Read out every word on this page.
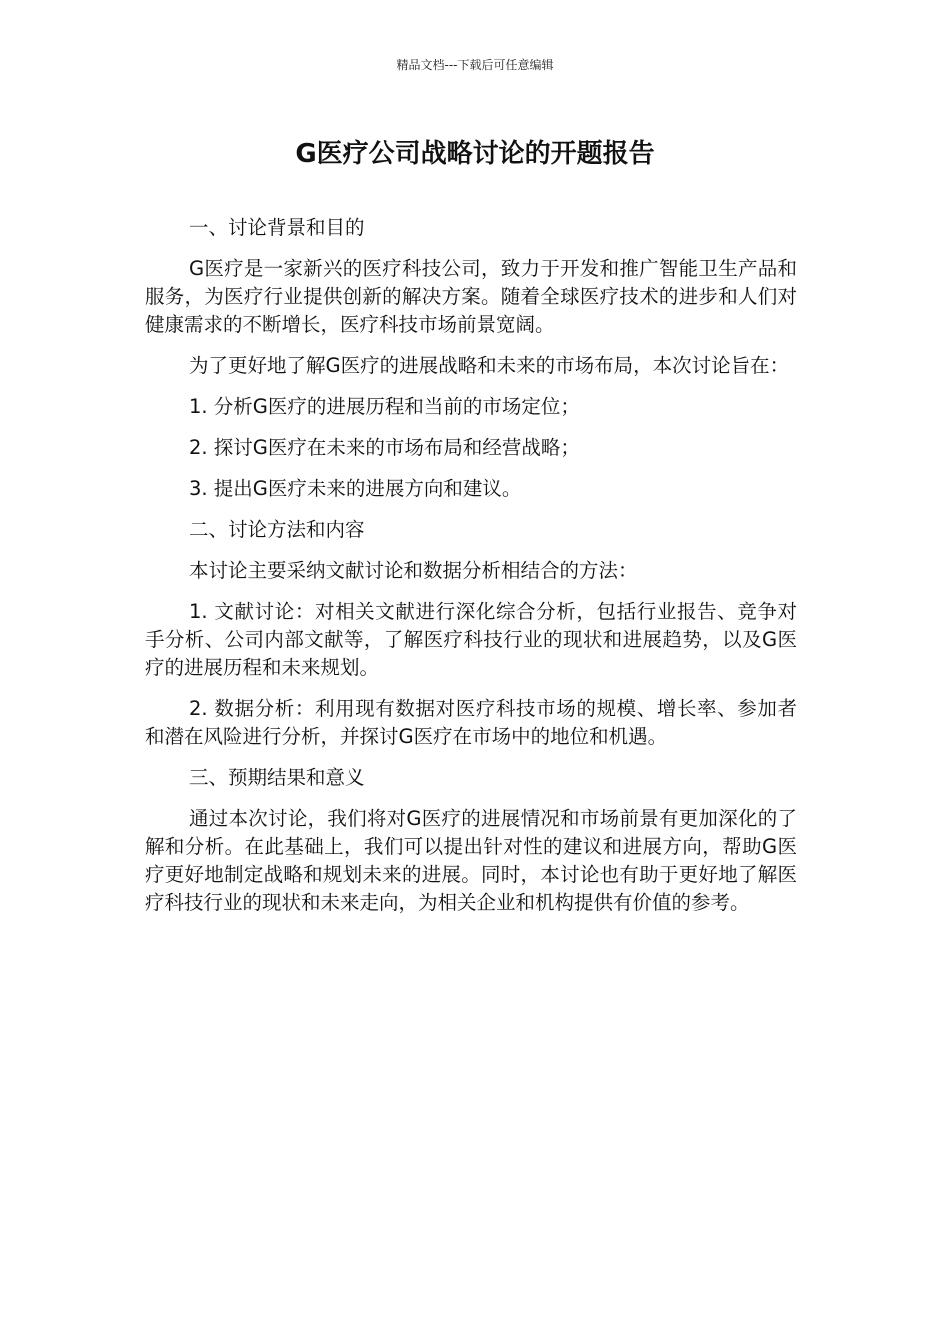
精品文档---下载后可任意编辑
G医疗公司战略讨论的开题报告

一、讨论背景和目的

G医疗是一家新兴的医疗科技公司，致力于开发和推广智能卫生产品和服务，为医疗行业提供创新的解决方案。随着全球医疗技术的进步和人们对健康需求的不断增长，医疗科技市场前景宽阔。

为了更好地了解G医疗的进展战略和未来的市场布局，本次讨论旨在：

1. 分析G医疗的进展历程和当前的市场定位；

2. 探讨G医疗在未来的市场布局和经营战略；

3. 提出G医疗未来的进展方向和建议。

二、讨论方法和内容

本讨论主要采纳文献讨论和数据分析相结合的方法：

1. 文献讨论：对相关文献进行深化综合分析，包括行业报告、竞争对手分析、公司内部文献等，了解医疗科技行业的现状和进展趋势，以及G医疗的进展历程和未来规划。

2. 数据分析：利用现有数据对医疗科技市场的规模、增长率、参加者和潜在风险进行分析，并探讨G医疗在市场中的地位和机遇。

三、预期结果和意义

通过本次讨论，我们将对G医疗的进展情况和市场前景有更加深化的了解和分析。在此基础上，我们可以提出针对性的建议和进展方向，帮助G医疗更好地制定战略和规划未来的进展。同时，本讨论也有助于更好地了解医疗科技行业的现状和未来走向，为相关企业和机构提供有价值的参考。
